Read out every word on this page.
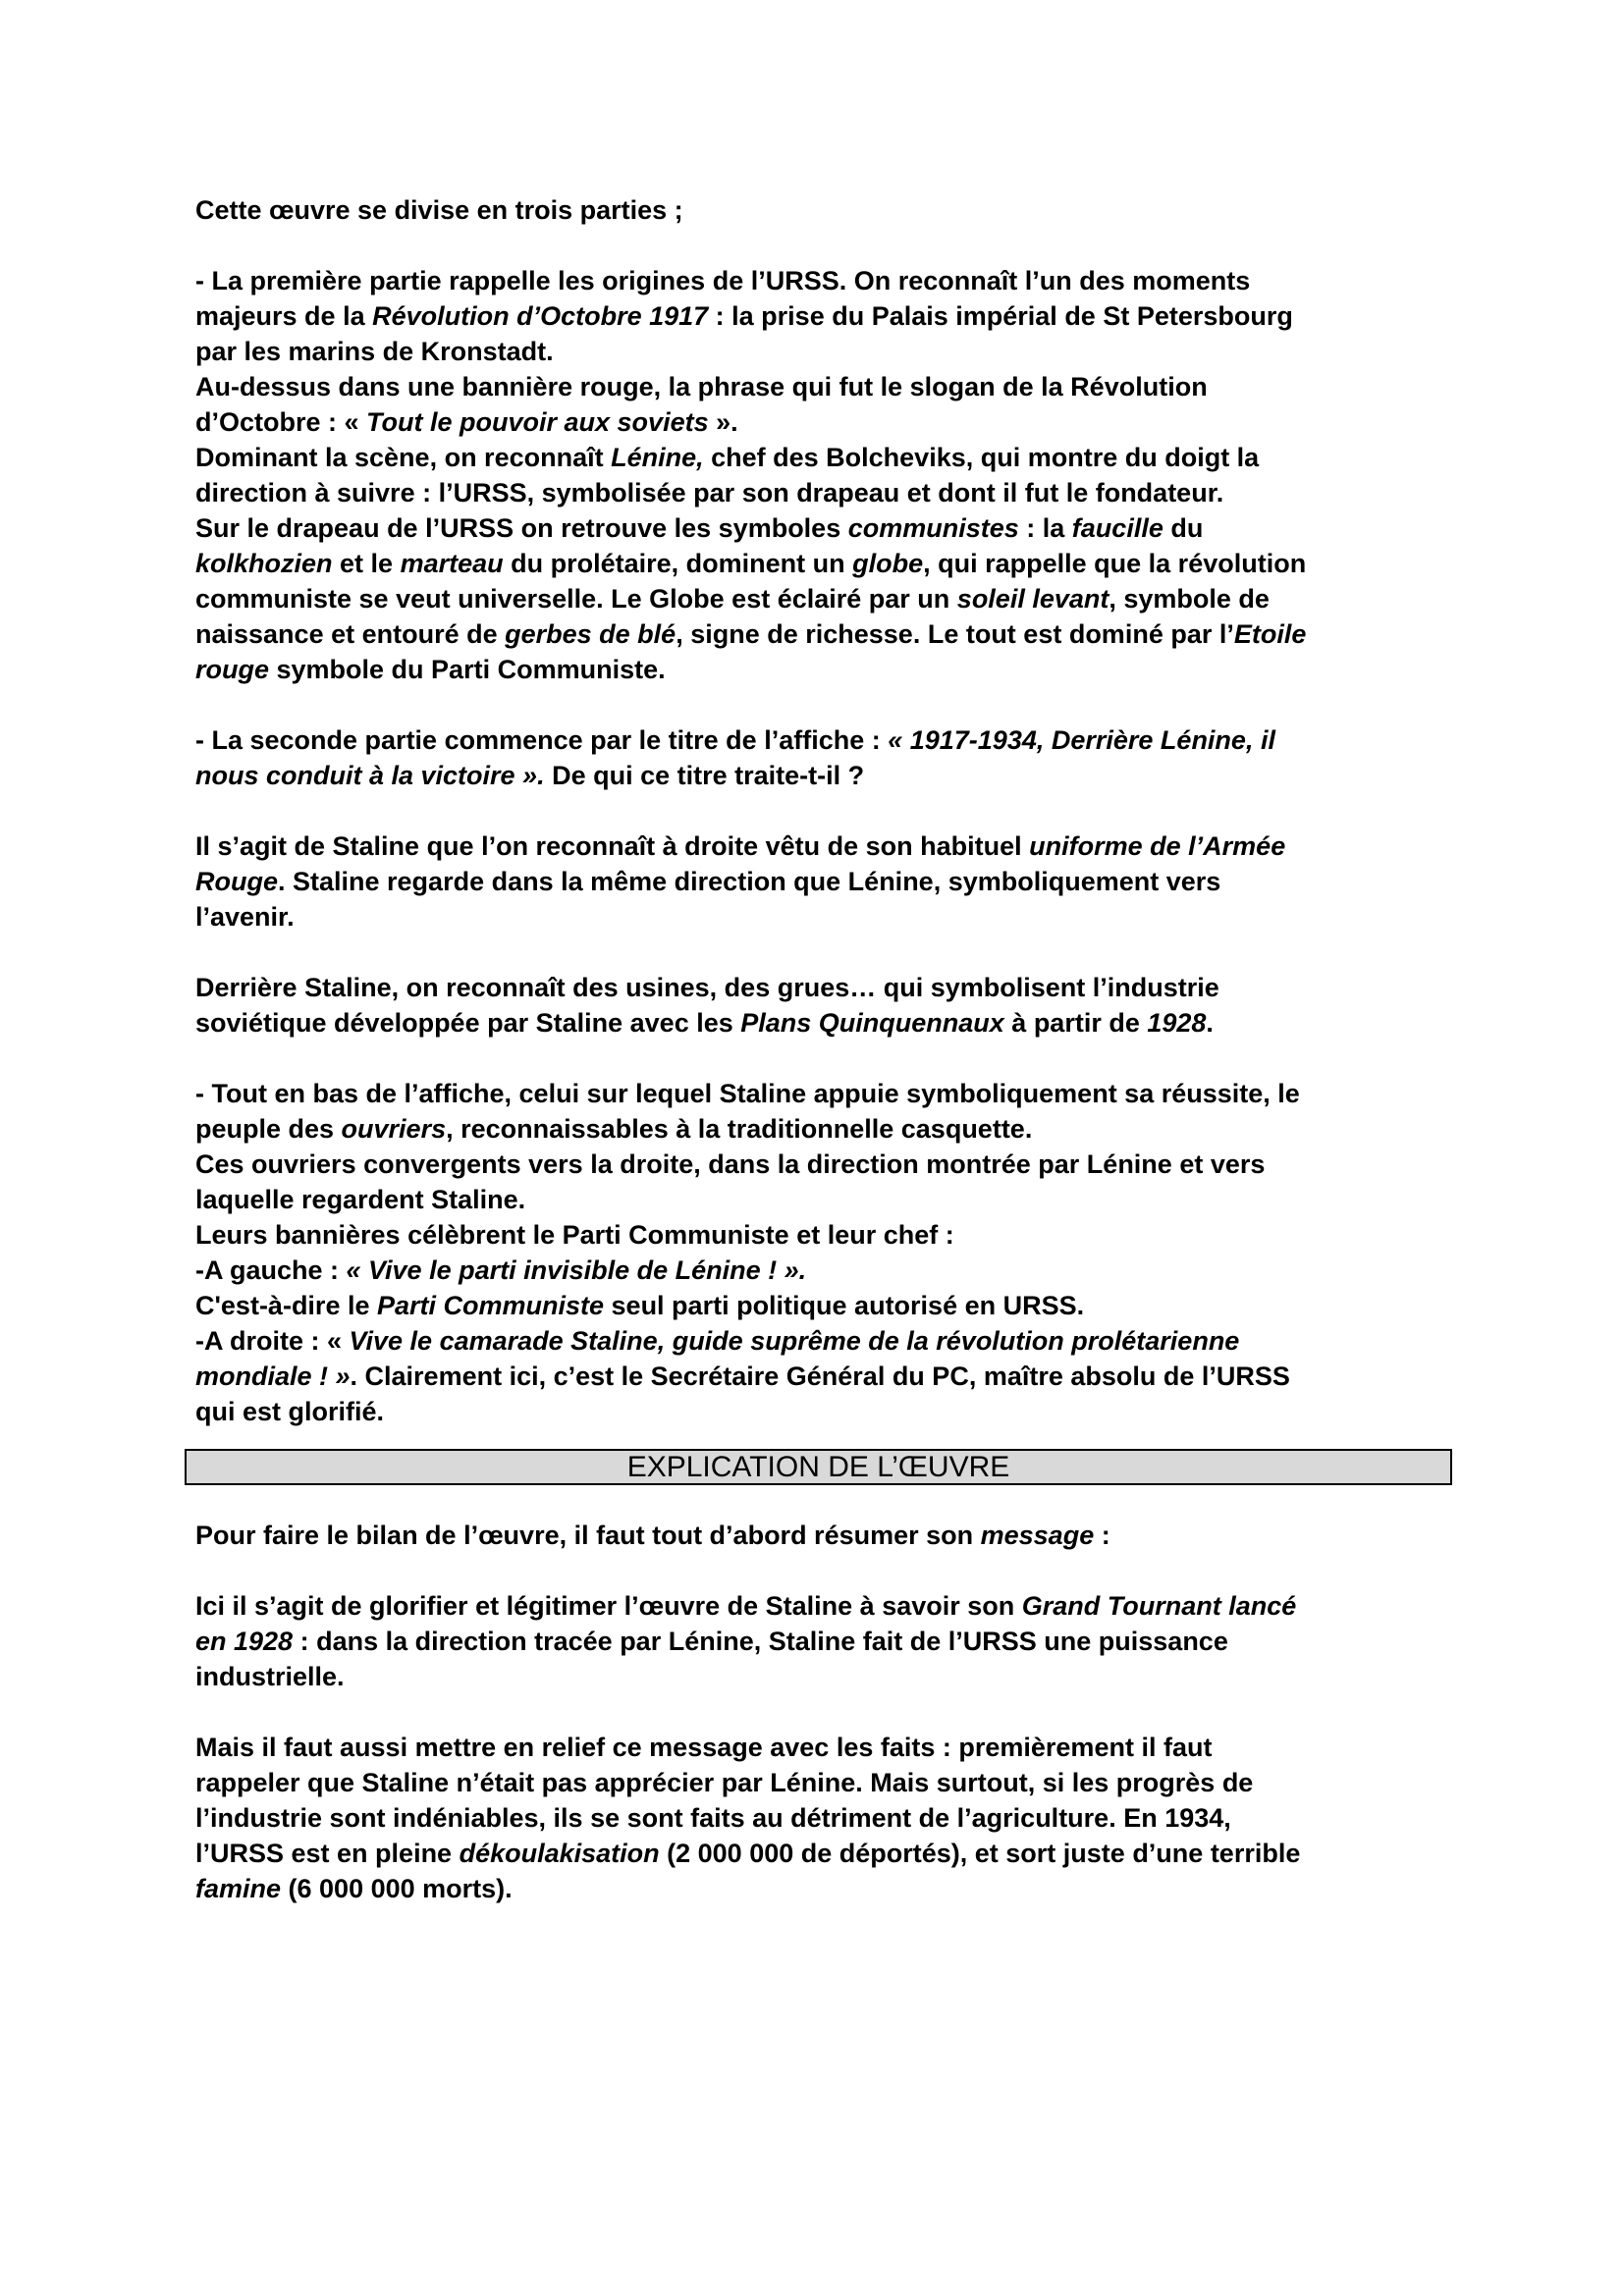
Cette œuvre se divise en trois parties ;

- La première partie rappelle les origines de l’URSS. On reconnaît l’un des moments

majeurs de la Révolution d’Octobre 1917 : la prise du Palais impérial de St Petersbourg

par les marins de Kronstadt.

Au-dessus dans une bannière rouge, la phrase qui fut le slogan de la Révolution

d’Octobre : « Tout le pouvoir aux soviets ».

Dominant la scène, on reconnaît Lénine, chef des Bolcheviks, qui montre du doigt la

direction à suivre : l’URSS, symbolisée par son drapeau et dont il fut le fondateur.

Sur le drapeau de l’URSS on retrouve les symboles communistes : la faucille du

kolkhozien et le marteau du prolétaire, dominent un globe, qui rappelle que la révolution

communiste se veut universelle. Le Globe est éclairé par un soleil levant, symbole de

naissance et entouré de gerbes de blé, signe de richesse. Le tout est dominé par l’Etoile

rouge symbole du Parti Communiste.

- La seconde partie commence par le titre de l’affiche : « 1917-1934, Derrière Lénine, il

nous conduit à la victoire ». De qui ce titre traite-t-il ?

Il s’agit de Staline que l’on reconnaît à droite vêtu de son habituel uniforme de l’Armée

Rouge. Staline regarde dans la même direction que Lénine, symboliquement vers

l’avenir.

Derrière Staline, on reconnaît des usines, des grues… qui symbolisent l’industrie

soviétique développée par Staline avec les Plans Quinquennaux à partir de 1928.

- Tout en bas de l’affiche, celui sur lequel Staline appuie symboliquement sa réussite, le

peuple des ouvriers, reconnaissables à la traditionnelle casquette.

Ces ouvriers convergents vers la droite, dans la direction montrée par Lénine et vers

laquelle regardent Staline.

Leurs bannières célèbrent le Parti Communiste et leur chef :

-A gauche : « Vive le parti invisible de Lénine ! ».

C'est-à-dire le Parti Communiste seul parti politique autorisé en URSS.

-A droite : « Vive le camarade Staline, guide suprême de la révolution prolétarienne

mondiale ! ». Clairement ici, c’est le Secrétaire Général du PC, maître absolu de l’URSS

qui est glorifié.

EXPLICATION DE L’ŒUVRE

Pour faire le bilan de l’œuvre, il faut tout d’abord résumer son message :

Ici il s’agit de glorifier et légitimer l’œuvre de Staline à savoir son Grand Tournant lancé

en 1928 : dans la direction tracée par Lénine, Staline fait de l’URSS une puissance

industrielle.

Mais il faut aussi mettre en relief ce message avec les faits : premièrement il faut

rappeler que Staline n’était pas apprécier par Lénine. Mais surtout, si les progrès de

l’industrie sont indéniables, ils se sont faits au détriment de l’agriculture. En 1934,

l’URSS est en pleine dékoulakisation (2 000 000 de déportés), et sort juste d’une terrible

famine (6 000 000 morts).
